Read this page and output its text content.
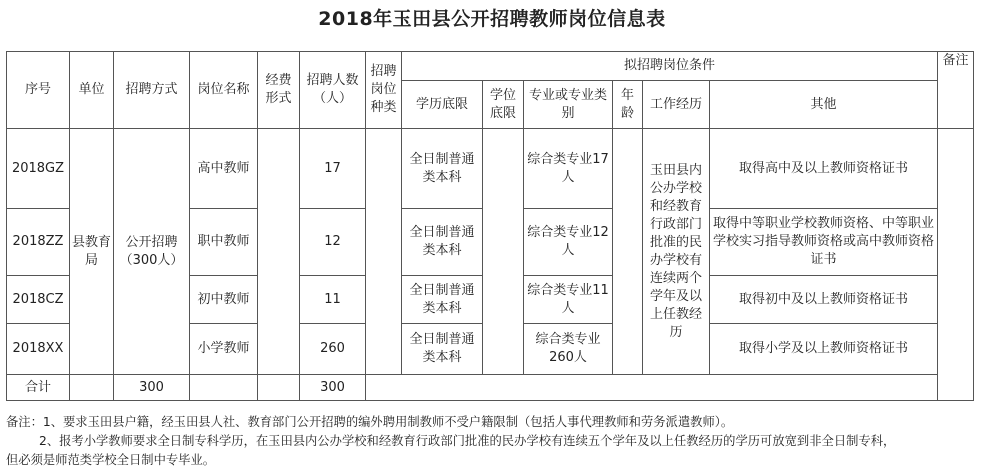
2018年玉田县公开招聘教师岗位信息表
序号	单位	招聘方式	岗位名称	经费形式	招聘人数（人）	招聘岗位种类	拟招聘岗位条件						备注
							学历底限	学位底限	专业或专业类别	年龄	工作经历	其他	
2018GZ	县教育局	公开招聘（300人）	高中教师		17		全日制普通类本科		综合类专业17人		玉田县内公办学校和经教育行政部门批准的民办学校有连续两个学年及以上任教经历	取得高中及以上教师资格证书	
2018ZZ			职中教师		12		全日制普通类本科		综合类专业12人			取得中等职业学校教师资格、中等职业学校实习指导教师资格或高中教师资格证书	
2018CZ			初中教师		11		全日制普通类本科		综合类专业11人			取得初中及以上教师资格证书	
2018XX			小学教师		260		全日制普通类本科		综合类专业260人			取得小学及以上教师资格证书	
合计		300			300								
备注：1、要求玉田县户籍，经玉田县人社、教育部门公开招聘的编外聘用制教师不受户籍限制（包括人事代理教师和劳务派遣教师）。
2、报考小学教师要求全日制专科学历，在玉田县内公办学校和经教育行政部门批准的民办学校有连续五个学年及以上任教经历的学历可放宽到非全日制专科，
但必须是师范类学校全日制中专毕业。
